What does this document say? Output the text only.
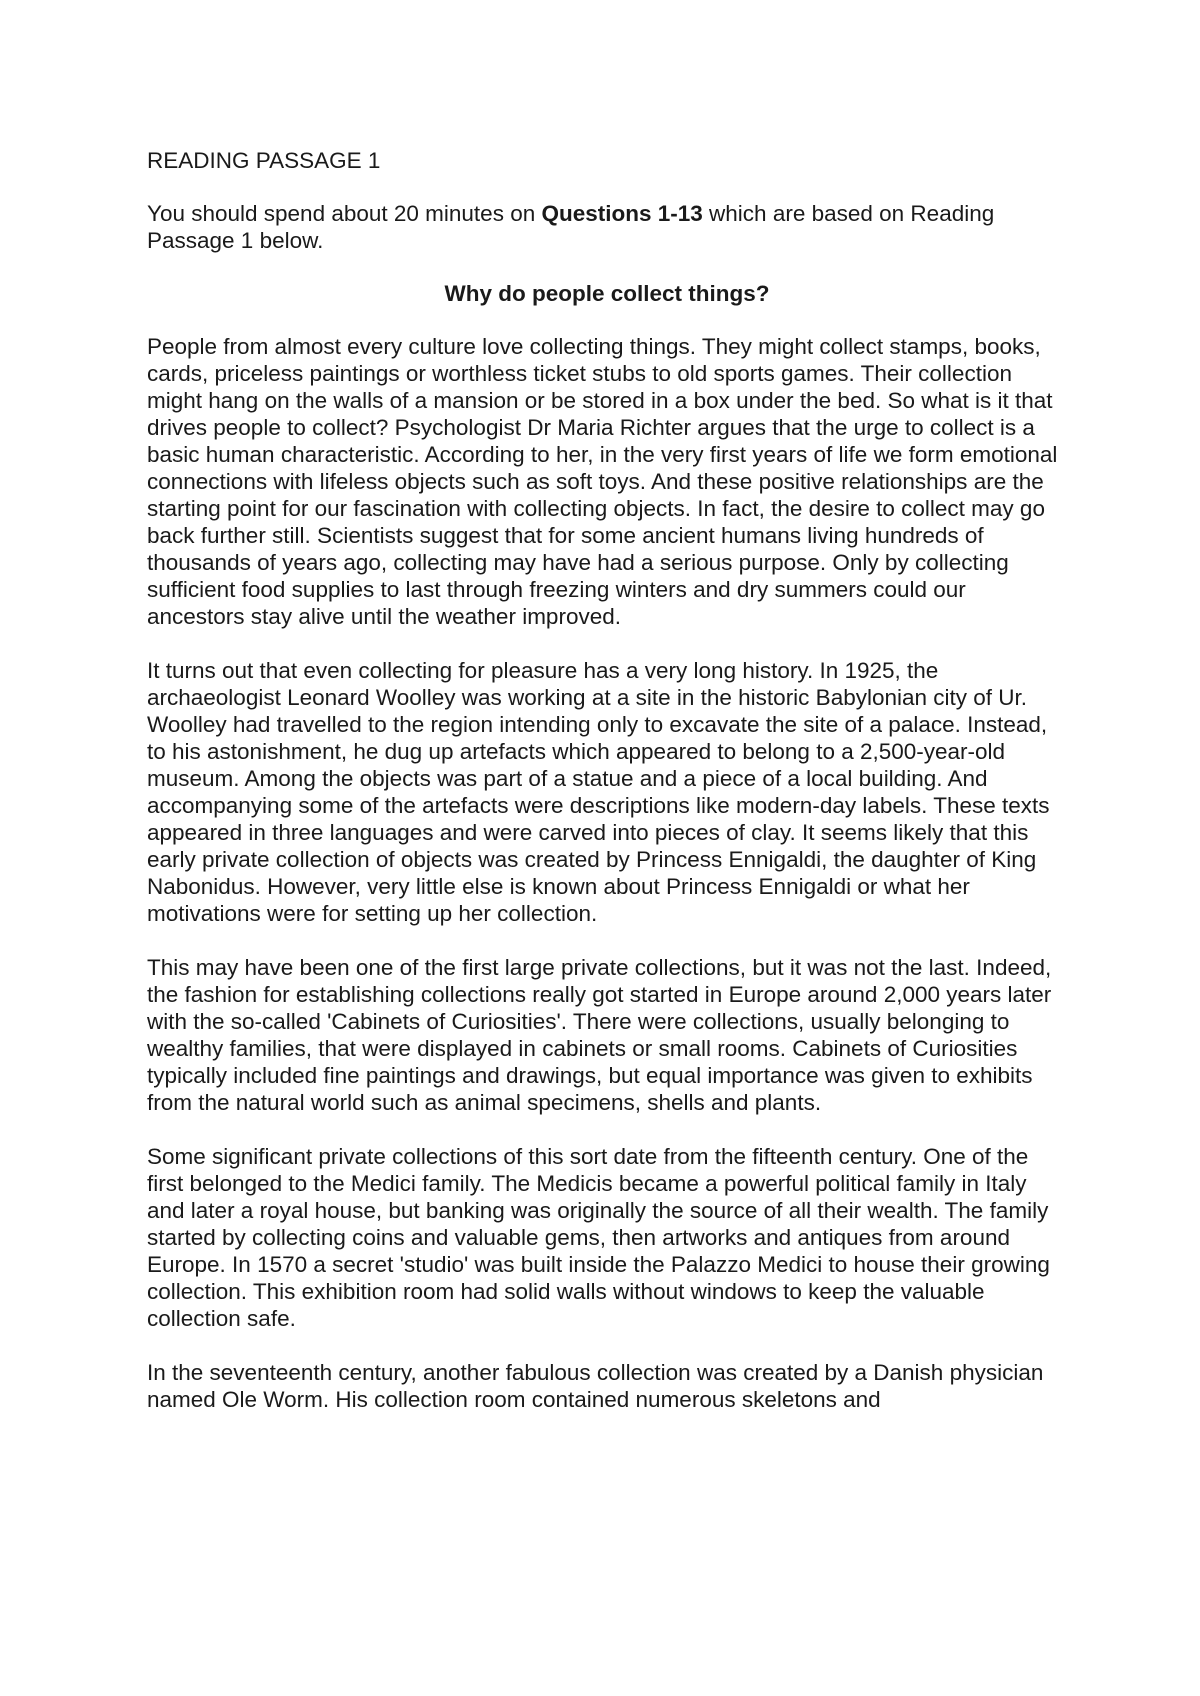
READING PASSAGE 1
You should spend about 20 minutes on Questions 1-13 which are based on Reading Passage 1 below.
Why do people collect things?
People from almost every culture love collecting things. They might collect stamps, books, cards, priceless paintings or worthless ticket stubs to old sports games. Their collection might hang on the walls of a mansion or be stored in a box under the bed. So what is it that drives people to collect? Psychologist Dr Maria Richter argues that the urge to collect is a basic human characteristic. According to her, in the very first years of life we form emotional connections with lifeless objects such as soft toys. And these positive relationships are the starting point for our fascination with collecting objects. In fact, the desire to collect may go back further still. Scientists suggest that for some ancient humans living hundreds of thousands of years ago, collecting may have had a serious purpose. Only by collecting sufficient food supplies to last through freezing winters and dry summers could our ancestors stay alive until the weather improved.
It turns out that even collecting for pleasure has a very long history. In 1925, the archaeologist Leonard Woolley was working at a site in the historic Babylonian city of Ur. Woolley had travelled to the region intending only to excavate the site of a palace. Instead, to his astonishment, he dug up artefacts which appeared to belong to a 2,500-year-old museum. Among the objects was part of a statue and a piece of a local building. And accompanying some of the artefacts were descriptions like modern-day labels. These texts appeared in three languages and were carved into pieces of clay. It seems likely that this early private collection of objects was created by Princess Ennigaldi, the daughter of King Nabonidus. However, very little else is known about Princess Ennigaldi or what her motivations were for setting up her collection.
This may have been one of the first large private collections, but it was not the last. Indeed, the fashion for establishing collections really got started in Europe around 2,000 years later with the so-called 'Cabinets of Curiosities'. There were collections, usually belonging to wealthy families, that were displayed in cabinets or small rooms. Cabinets of Curiosities typically included fine paintings and drawings, but equal importance was given to exhibits from the natural world such as animal specimens, shells and plants.
Some significant private collections of this sort date from the fifteenth century. One of the first belonged to the Medici family. The Medicis became a powerful political family in Italy and later a royal house, but banking was originally the source of all their wealth. The family started by collecting coins and valuable gems, then artworks and antiques from around Europe. In 1570 a secret 'studio' was built inside the Palazzo Medici to house their growing collection. This exhibition room had solid walls without windows to keep the valuable collection safe.
In the seventeenth century, another fabulous collection was created by a Danish physician named Ole Worm. His collection room contained numerous skeletons and
